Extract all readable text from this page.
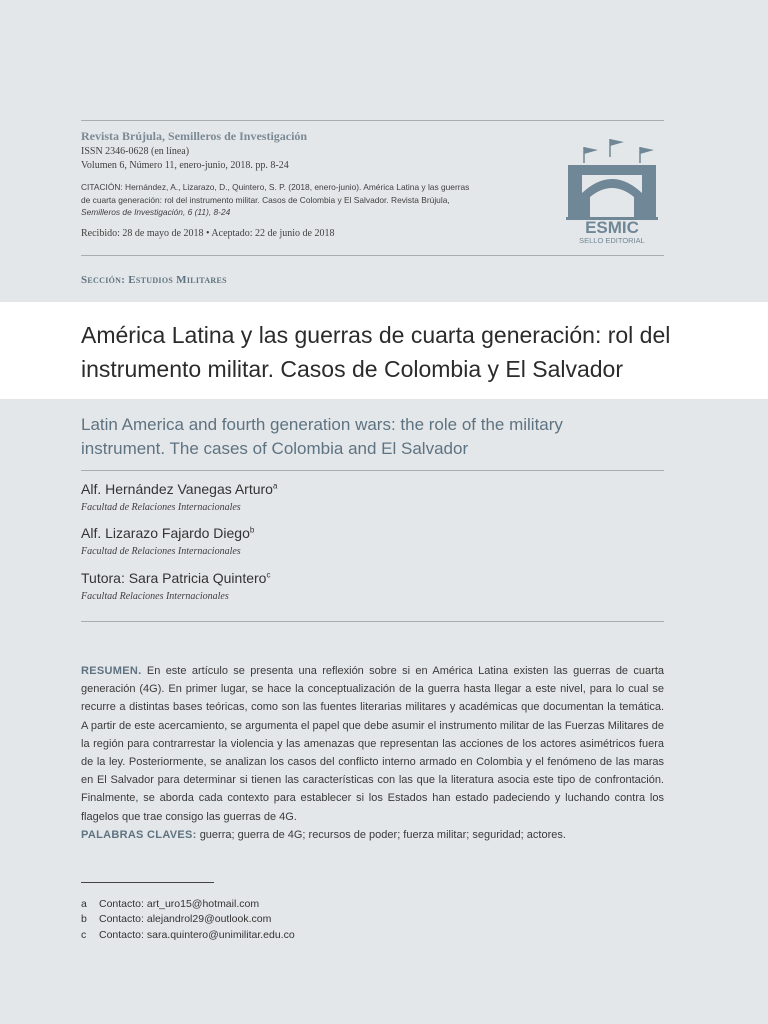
Revista Brújula, Semilleros de Investigación
ISSN 2346-0628 (en línea)
Volumen 6, Número 11, enero-junio, 2018. pp. 8-24
CITACIÓN: Hernández, A., Lizarazo, D., Quintero, S. P. (2018, enero-junio). América Latina y las guerras
de cuarta generación: rol del instrumento militar. Casos de Colombia y El Salvador. Revista Brújula,
Semilleros de Investigación, 6 (11), 8-24
Recibido: 28 de mayo de 2018 • Aceptado: 22 de junio de 2018	ESMIC
SELLO EDITORIAL
Sección: Estudios Militares
América Latina y las guerras de cuarta generación: rol del instrumento militar. Casos de Colombia y El Salvador
Latin America and fourth generation wars: the role of the military instrument. The cases of Colombia and El Salvador
Alf. Hernández Vanegas Arturo$^a$
Facultad de Relaciones Internacionales
Alf. Lizarazo Fajardo Diego$^b$
Facultad de Relaciones Internacionales
Tutora: Sara Patricia Quintero$^c$
Facultad Relaciones Internacionales
RESUMEN. En este artículo se presenta una reflexión sobre si en América Latina existen las guerras de cuarta generación (4G). En primer lugar, se hace la conceptualización de la guerra hasta llegar a este nivel, para lo cual se recurre a distintas bases teóricas, como son las fuentes literarias militares y académicas que documentan la temática. A partir de este acercamiento, se argumenta el papel que debe asumir el instrumento militar de las Fuerzas Militares de la región para contrarrestar la violencia y las amenazas que representan las acciones de los actores asimétricos fuera de la ley. Posteriormente, se analizan los casos del conflicto interno armado en Colombia y el fenómeno de las maras en El Salvador para determinar si tienen las características con las que la literatura asocia este tipo de confrontación. Finalmente, se aborda cada contexto para establecer si los Estados han estado padeciendo y luchando contra los flagelos que trae consigo las guerras de 4G.
PALABRAS CLAVES: guerra; guerra de 4G; recursos de poder; fuerza militar; seguridad; actores.
a Contacto: art_uro15@hotmail.com
b Contacto: alejandrol29@outlook.com
c Contacto: sara.quintero@unimilitar.edu.co
